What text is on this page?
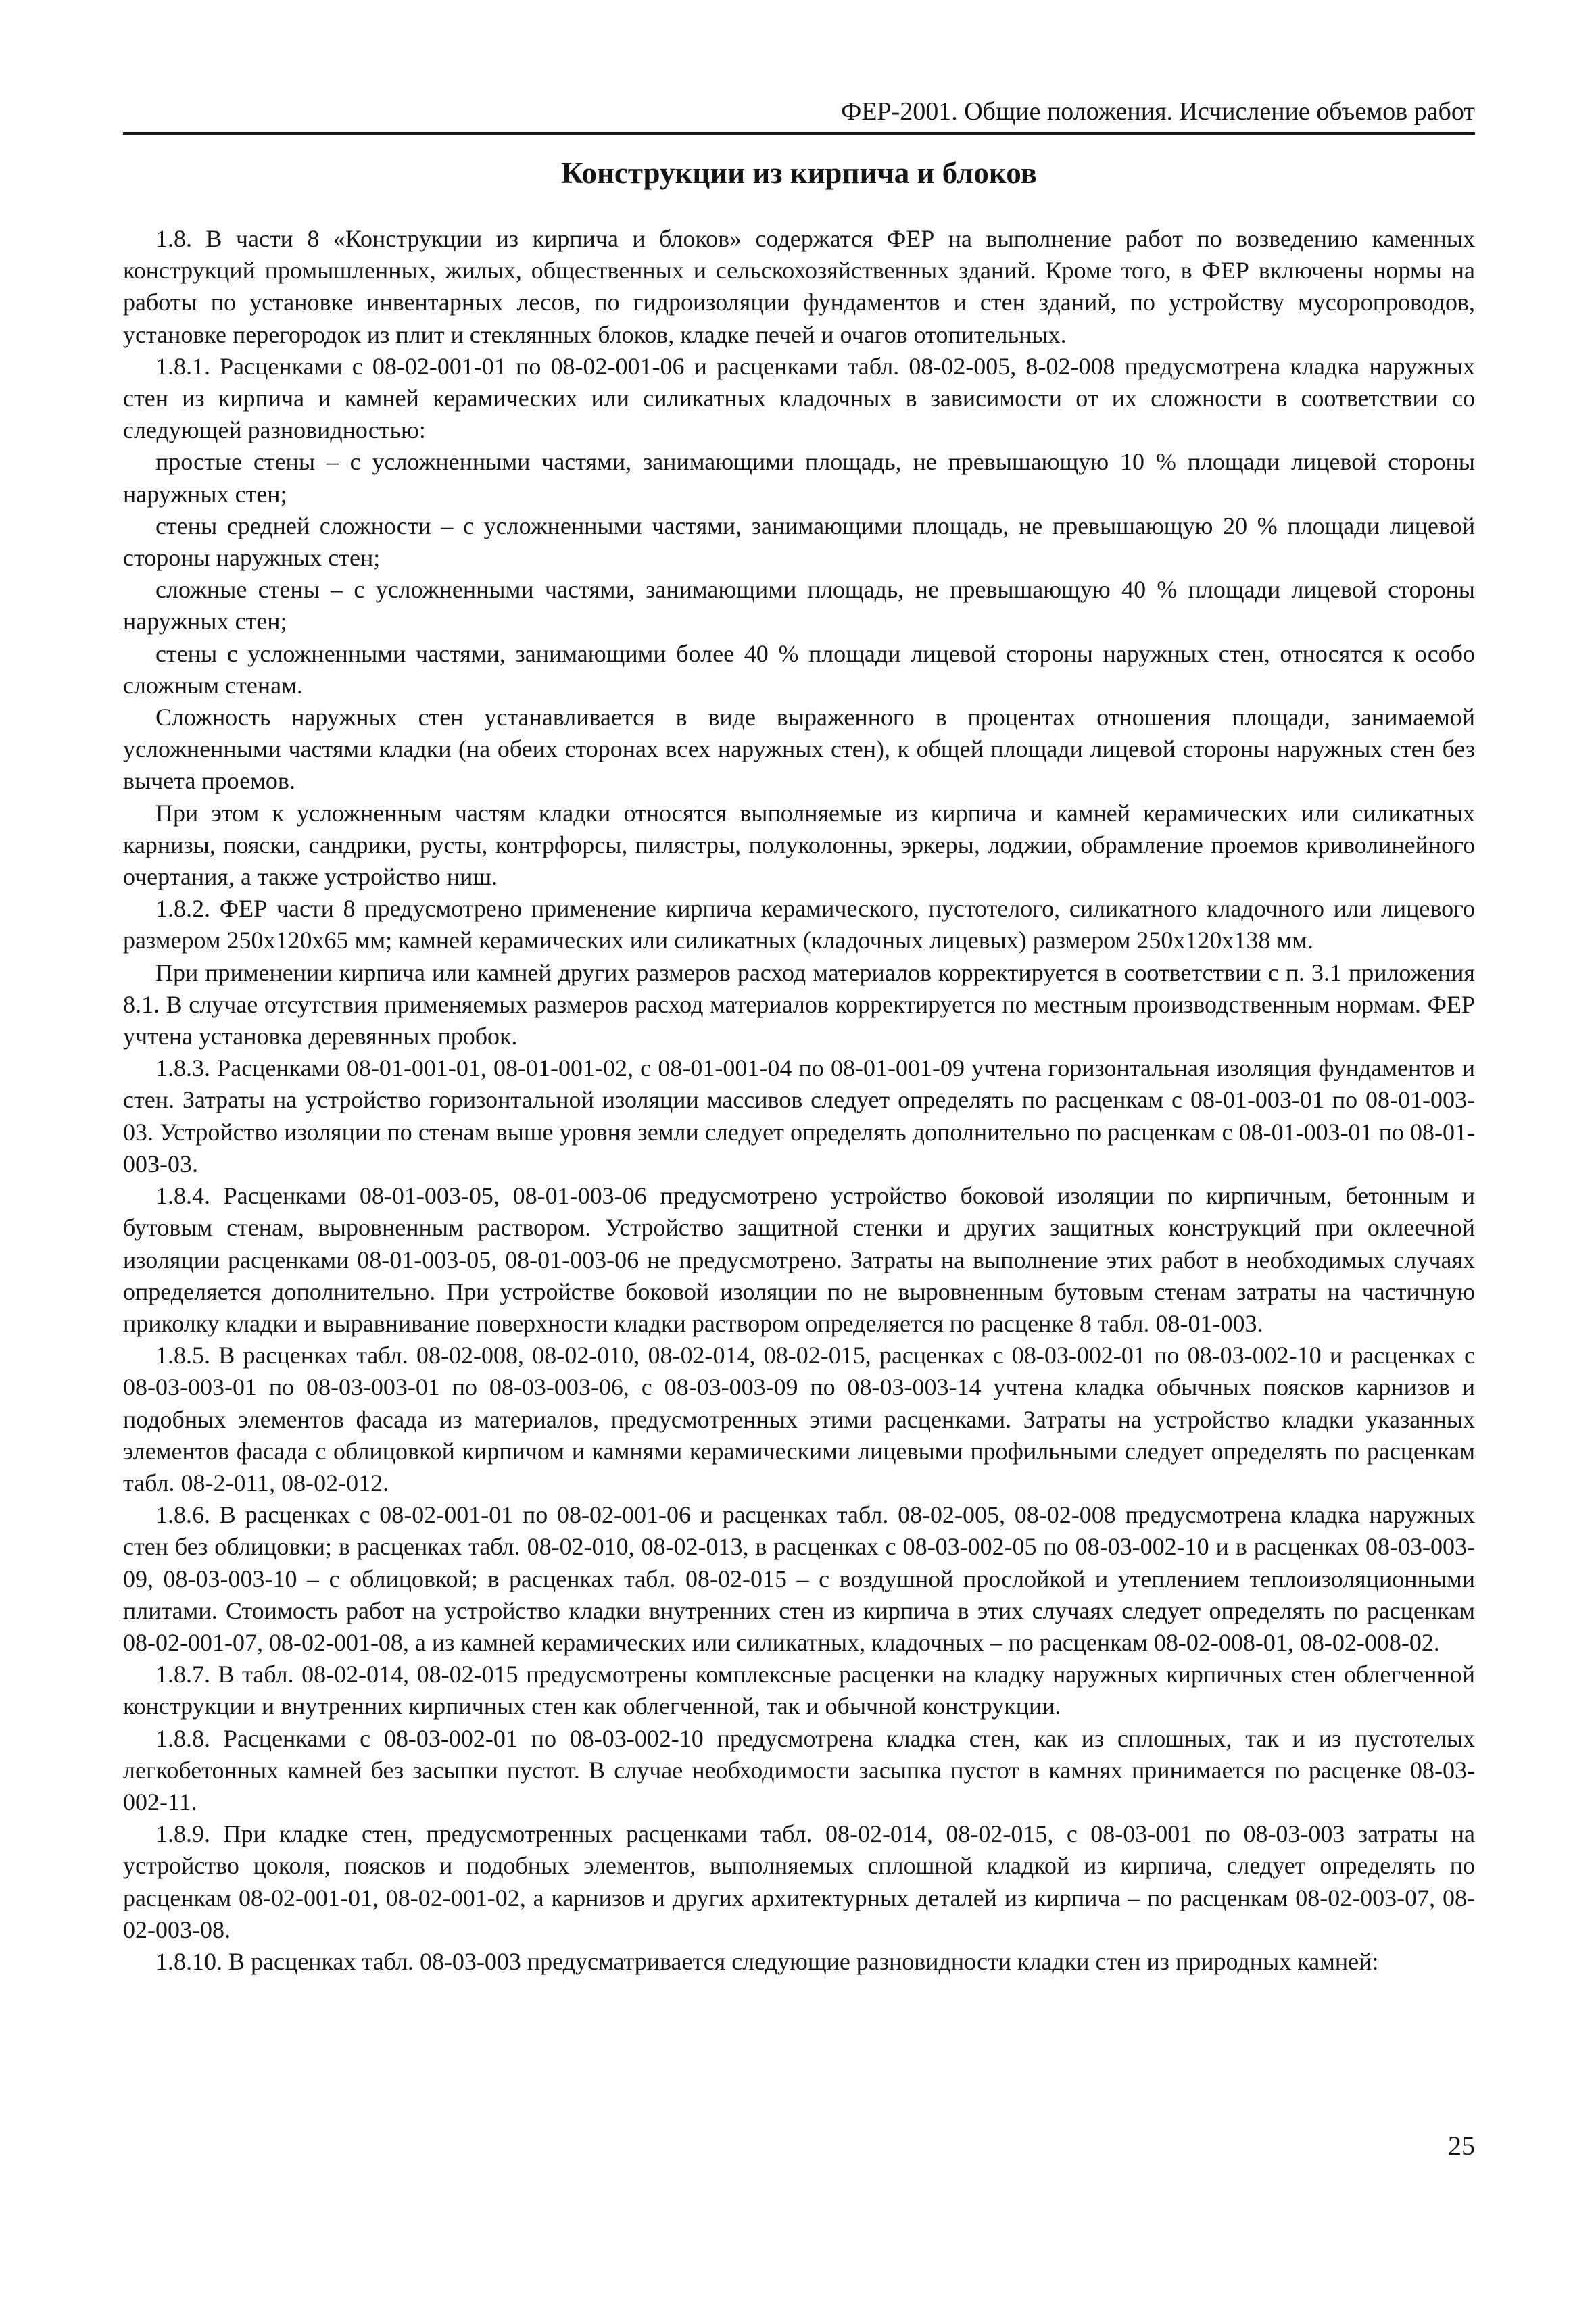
ФЕР-2001. Общие положения. Исчисление объемов работ
Конструкции из кирпича и блоков

1.8. В части 8 «Конструкции из кирпича и блоков» содержатся ФЕР на выполнение работ по возведению каменных конструкций промышленных, жилых, общественных и сельскохозяйственных зданий. Кроме того, в ФЕР включены нормы на работы по установке инвентарных лесов, по гидроизоляции фундаментов и стен зданий, по устройству мусоропроводов, установке перегородок из плит и стеклянных блоков, кладке печей и очагов отопительных.

1.8.1. Расценками с 08-02-001-01 по 08-02-001-06 и расценками табл. 08-02-005, 8-02-008 предусмотрена кладка наружных стен из кирпича и камней керамических или силикатных кладочных в зависимости от их сложности в соответствии со следующей разновидностью:

простые стены – с усложненными частями, занимающими площадь, не превышающую 10 % площади лицевой стороны наружных стен;

стены средней сложности – с усложненными частями, занимающими площадь, не превышающую 20 % площади лицевой стороны наружных стен;

сложные стены – с усложненными частями, занимающими площадь, не превышающую 40 % площади лицевой стороны наружных стен;

стены с усложненными частями, занимающими более 40 % площади лицевой стороны наружных стен, относятся к особо сложным стенам.

Сложность наружных стен устанавливается в виде выраженного в процентах отношения площади, занимаемой усложненными частями кладки (на обеих сторонах всех наружных стен), к общей площади лицевой стороны наружных стен без вычета проемов.

При этом к усложненным частям кладки относятся выполняемые из кирпича и камней керамических или силикатных карнизы, пояски, сандрики, русты, контрфорсы, пилястры, полуколонны, эркеры, лоджии, обрамление проемов криволинейного очертания, а также устройство ниш.

1.8.2. ФЕР части 8 предусмотрено применение кирпича керамического, пустотелого, силикатного кладочного или лицевого размером 250х120х65 мм; камней керамических или силикатных (кладочных лицевых) размером 250х120х138 мм.

При применении кирпича или камней других размеров расход материалов корректируется в соответствии с п. 3.1 приложения 8.1. В случае отсутствия применяемых размеров расход материалов корректируется по местным производственным нормам. ФЕР учтена установка деревянных пробок.

1.8.3. Расценками 08-01-001-01, 08-01-001-02, с 08-01-001-04 по 08-01-001-09 учтена горизонтальная изоляция фундаментов и стен. Затраты на устройство горизонтальной изоляции массивов следует определять по расценкам с 08-01-003-01 по 08-01-003-03. Устройство изоляции по стенам выше уровня земли следует определять дополнительно по расценкам с 08-01-003-01 по 08-01-003-03.

1.8.4. Расценками 08-01-003-05, 08-01-003-06 предусмотрено устройство боковой изоляции по кирпичным, бетонным и бутовым стенам, выровненным раствором. Устройство защитной стенки и других защитных конструкций при оклеечной изоляции расценками 08-01-003-05, 08-01-003-06 не предусмотрено. Затраты на выполнение этих работ в необходимых случаях определяется дополнительно. При устройстве боковой изоляции по не выровненным бутовым стенам затраты на частичную приколку кладки и выравнивание поверхности кладки раствором определяется по расценке 8 табл. 08-01-003.

1.8.5. В расценках табл. 08-02-008, 08-02-010, 08-02-014, 08-02-015, расценках с 08-03-002-01 по 08-03-002-10 и расценках с 08-03-003-01 по 08-03-003-01 по 08-03-003-06, с 08-03-003-09 по 08-03-003-14 учтена кладка обычных поясков карнизов и подобных элементов фасада из материалов, предусмотренных этими расценками. Затраты на устройство кладки указанных элементов фасада с облицовкой кирпичом и камнями керамическими лицевыми профильными следует определять по расценкам табл. 08-2-011, 08-02-012.

1.8.6. В расценках с 08-02-001-01 по 08-02-001-06 и расценках табл. 08-02-005, 08-02-008 предусмотрена кладка наружных стен без облицовки; в расценках табл. 08-02-010, 08-02-013, в расценках с 08-03-002-05 по 08-03-002-10 и в расценках 08-03-003-09, 08-03-003-10 – с облицовкой; в расценках табл. 08-02-015 – с воздушной прослойкой и утеплением теплоизоляционными плитами. Стоимость работ на устройство кладки внутренних стен из кирпича в этих случаях следует определять по расценкам 08-02-001-07, 08-02-001-08, а из камней керамических или силикатных, кладочных – по расценкам 08-02-008-01, 08-02-008-02.

1.8.7. В табл. 08-02-014, 08-02-015 предусмотрены комплексные расценки на кладку наружных кирпичных стен облегченной конструкции и внутренних кирпичных стен как облегченной, так и обычной конструкции.

1.8.8. Расценками с 08-03-002-01 по 08-03-002-10 предусмотрена кладка стен, как из сплошных, так и из пустотелых легкобетонных камней без засыпки пустот. В случае необходимости засыпка пустот в камнях принимается по расценке 08-03-002-11.

1.8.9. При кладке стен, предусмотренных расценками табл. 08-02-014, 08-02-015, с 08-03-001 по 08-03-003 затраты на устройство цоколя, поясков и подобных элементов, выполняемых сплошной кладкой из кирпича, следует определять по расценкам 08-02-001-01, 08-02-001-02, а карнизов и других архитектурных деталей из кирпича – по расценкам 08-02-003-07, 08-02-003-08.

1.8.10. В расценках табл. 08-03-003 предусматривается следующие разновидности кладки стен из природных камней:

25
